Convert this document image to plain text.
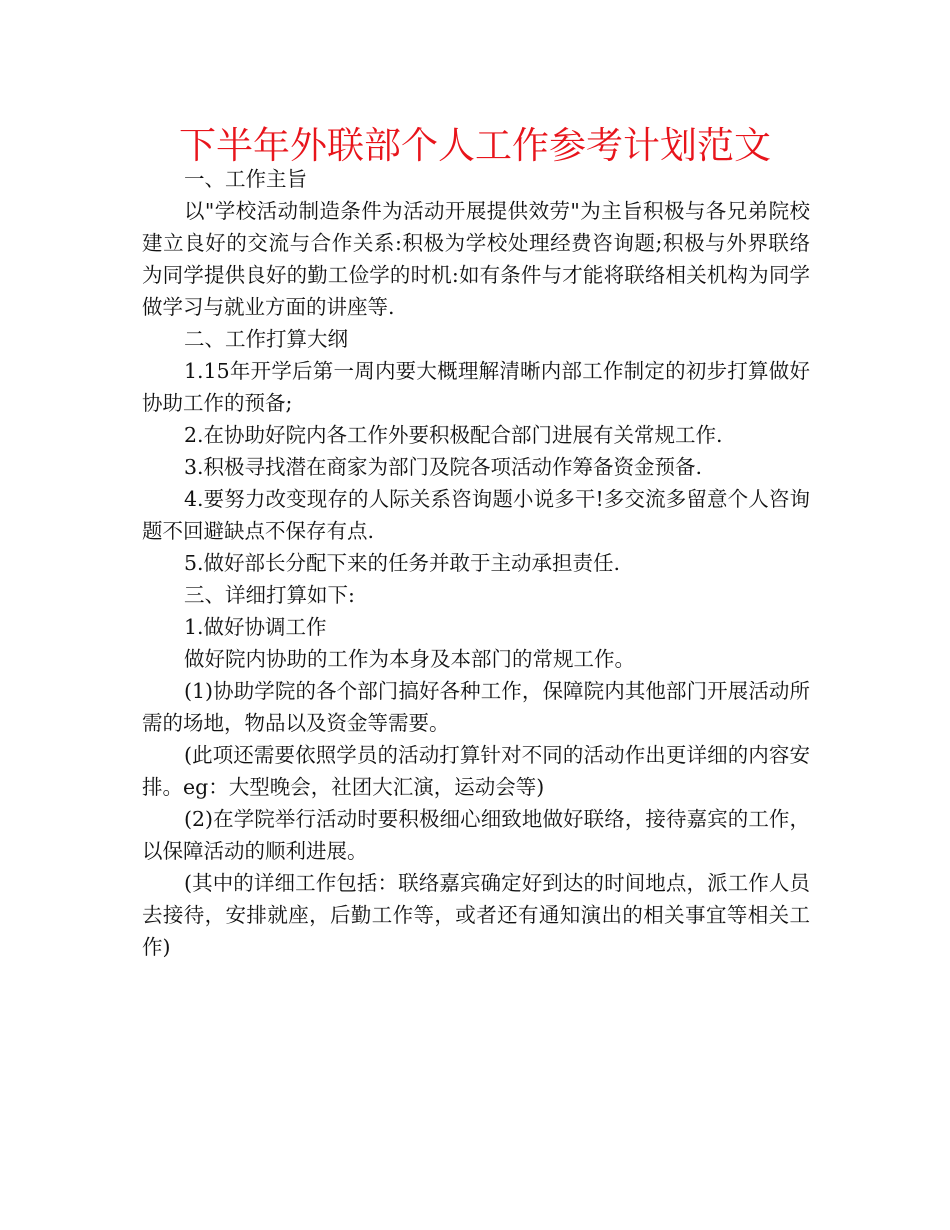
下半年外联部个人工作参考计划范文

一、工作主旨

以"学校活动制造条件为活动开展提供效劳"为主旨积极与各兄弟院校建立良好的交流与合作关系:积极为学校处理经费咨询题;积极与外界联络为同学提供良好的勤工俭学的时机:如有条件与才能将联络相关机构为同学做学习与就业方面的讲座等.

二、工作打算大纲

1.15年开学后第一周内要大概理解清晰内部工作制定的初步打算做好协助工作的预备;

2.在协助好院内各工作外要积极配合部门进展有关常规工作.

3.积极寻找潜在商家为部门及院各项活动作筹备资金预备.

4.要努力改变现存的人际关系咨询题小说多干!多交流多留意个人咨询题不回避缺点不保存有点.

5.做好部长分配下来的任务并敢于主动承担责任.

三、详细打算如下:

1.做好协调工作

做好院内协助的工作为本身及本部门的常规工作。

(1)协助学院的各个部门搞好各种工作，保障院内其他部门开展活动所需的场地，物品以及资金等需要。

(此项还需要依照学员的活动打算针对不同的活动作出更详细的内容安排。eg：大型晚会，社团大汇演，运动会等)

(2)在学院举行活动时要积极细心细致地做好联络，接待嘉宾的工作，以保障活动的顺利进展。

(其中的详细工作包括：联络嘉宾确定好到达的时间地点，派工作人员去接待，安排就座，后勤工作等，或者还有通知演出的相关事宜等相关工作)
